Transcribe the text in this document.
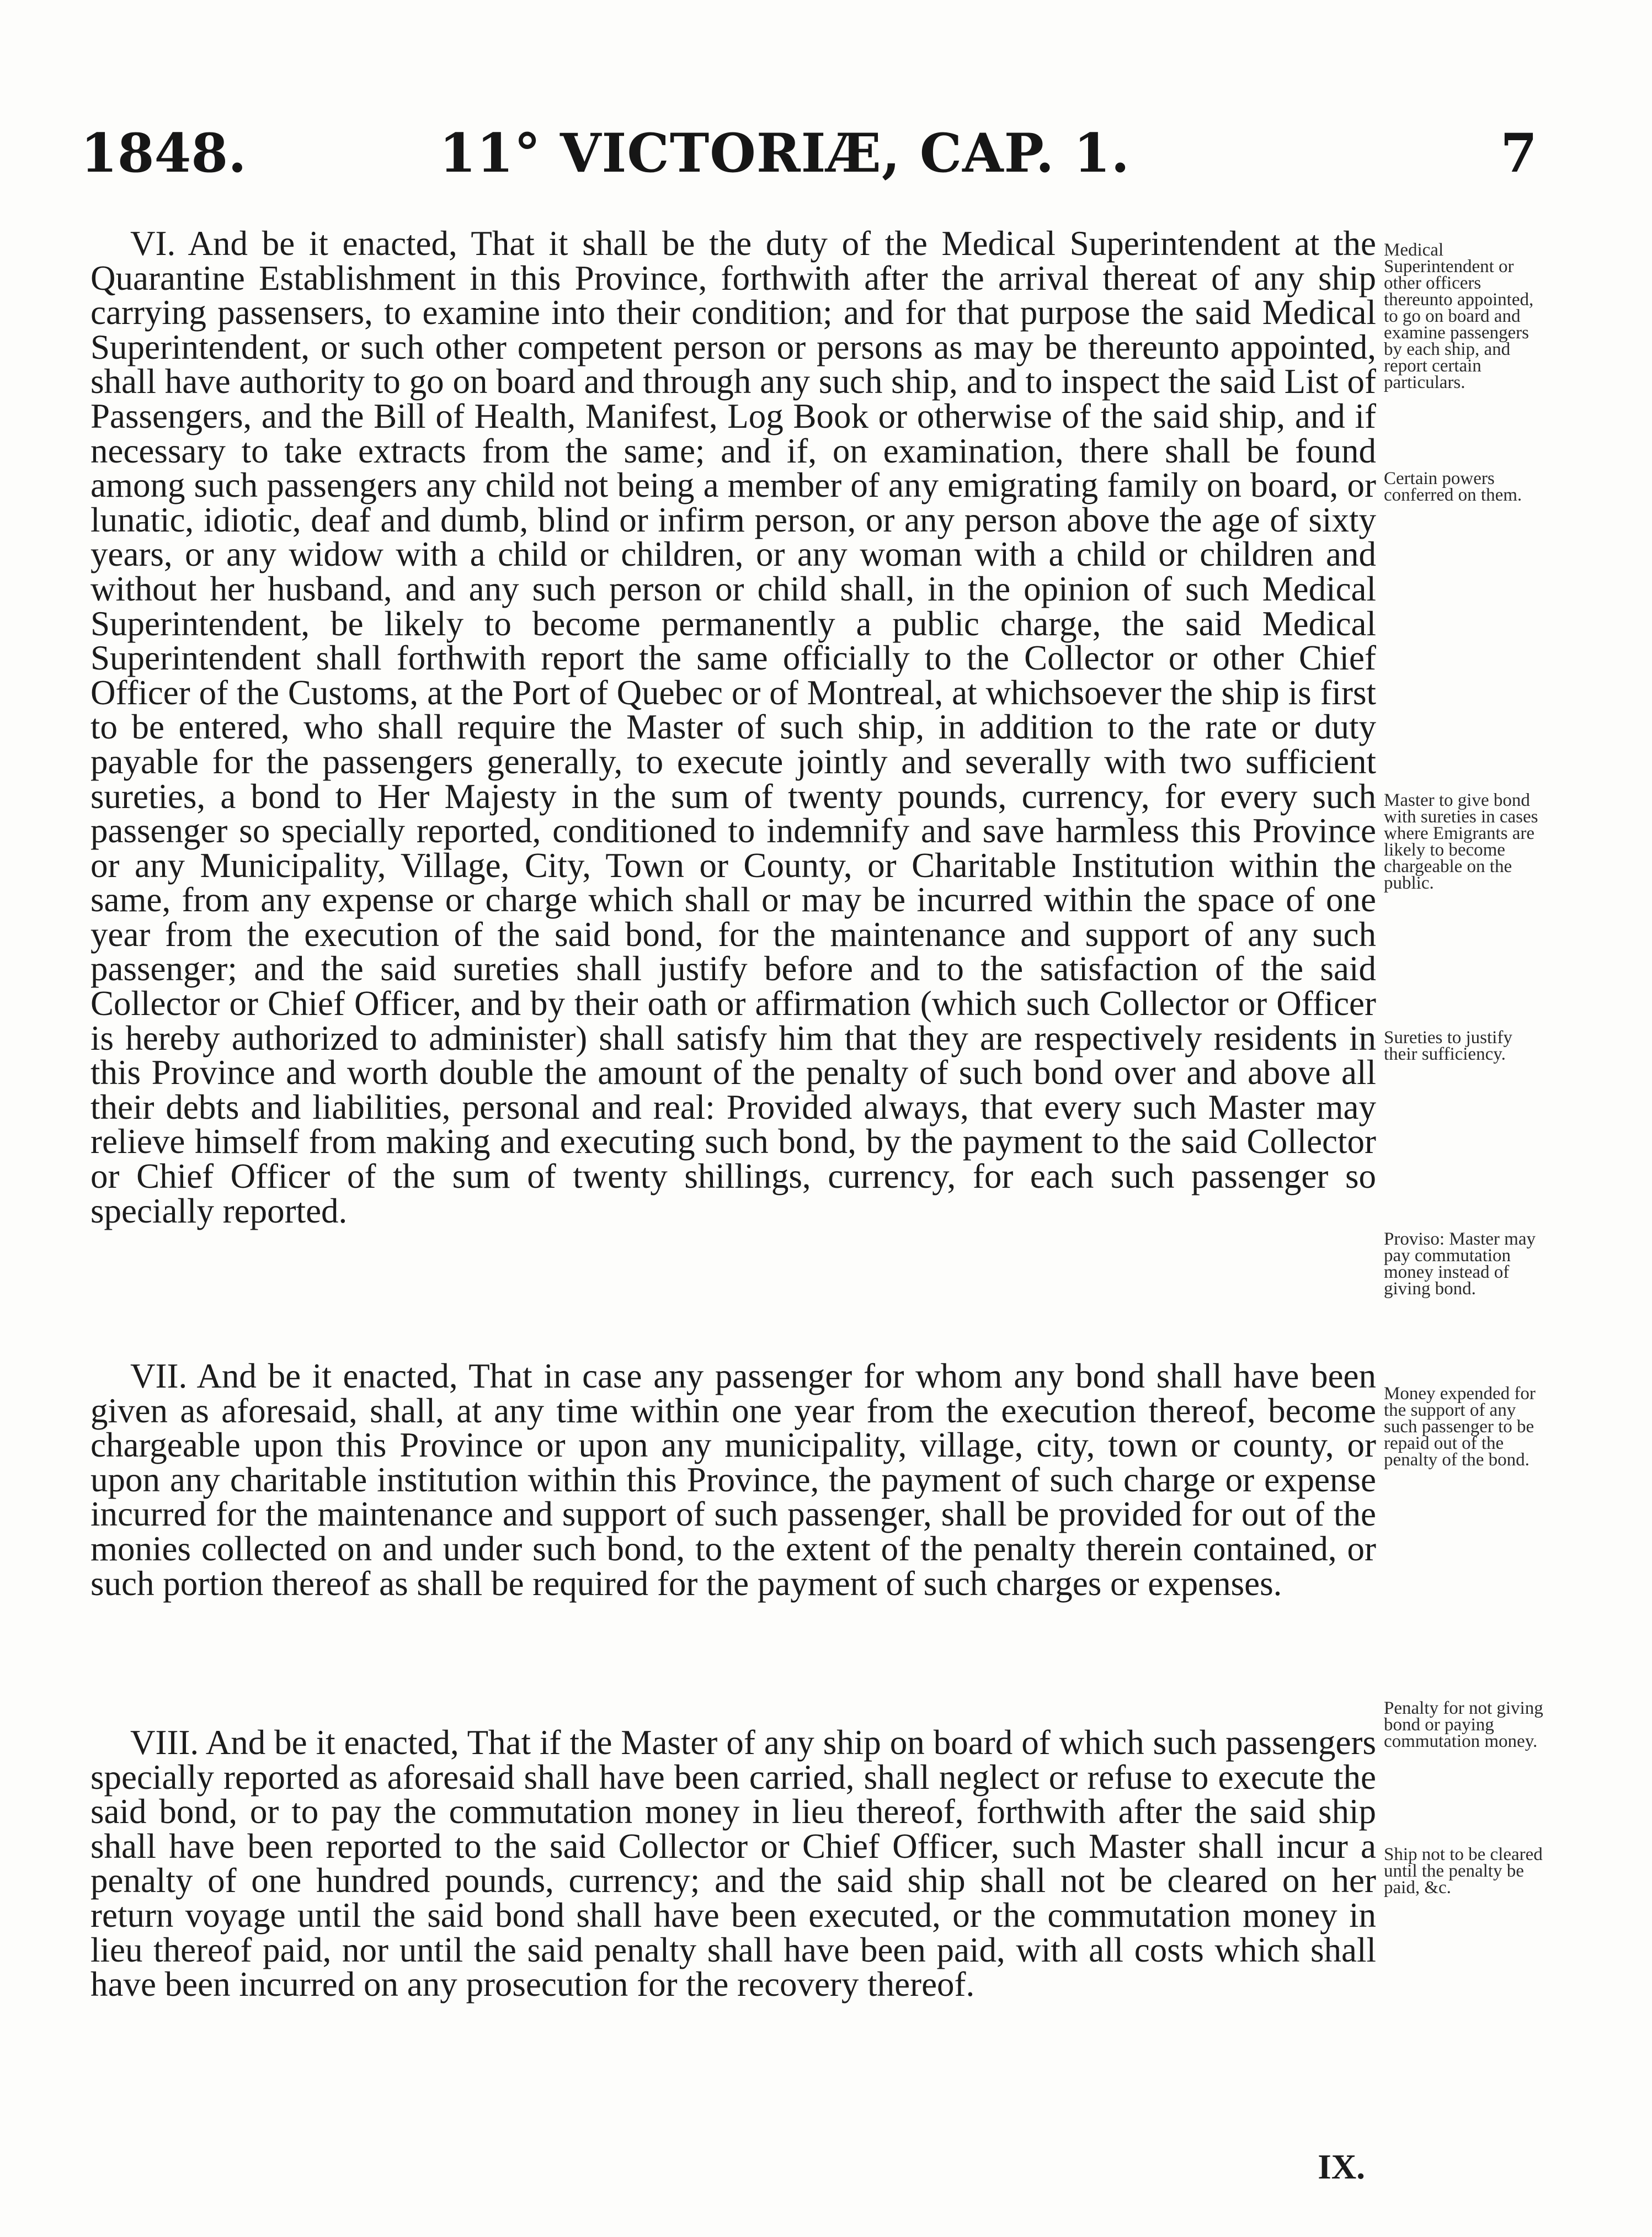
1848.	11° VICTORIÆ, CAP. 1.	7

VI. And be it enacted, That it shall be the duty of the Medical Superintendent at the Quarantine Establishment in this Province, forthwith after the arrival thereat of any ship carrying passensers, to examine into their condition; and for that purpose the said Medical Superintendent, or such other competent person or persons as may be thereunto appointed, shall have authority to go on board and through any such ship, and to inspect the said List of Passengers, and the Bill of Health, Manifest, Log Book or otherwise of the said ship, and if necessary to take extracts from the same; and if, on examination, there shall be found among such passengers any child not being a member of any emigrating family on board, or lunatic, idiotic, deaf and dumb, blind or infirm person, or any person above the age of sixty years, or any widow with a child or children, or any woman with a child or children and without her husband, and any such person or child shall, in the opinion of such Medical Superintendent, be likely to become permanently a public charge, the said Medical Superintendent shall forthwith report the same officially to the Collector or other Chief Officer of the Customs, at the Port of Quebec or of Montreal, at whichsoever the ship is first to be entered, who shall require the Master of such ship, in addition to the rate or duty payable for the passengers generally, to execute jointly and severally with two sufficient sureties, a bond to Her Majesty in the sum of twenty pounds, currency, for every such passenger so specially reported, conditioned to indemnify and save harmless this Province or any Municipality, Village, City, Town or County, or Charitable Institution within the same, from any expense or charge which shall or may be incurred within the space of one year from the execution of the said bond, for the maintenance and support of any such passenger; and the said sureties shall justify before and to the satisfaction of the said Collector or Chief Officer, and by their oath or affirmation (which such Collector or Officer is hereby authorized to administer) shall satisfy him that they are respectively residents in this Province and worth double the amount of the penalty of such bond over and above all their debts and liabilities, personal and real: Provided always, that every such Master may relieve himself from making and executing such bond, by the payment to the said Collector or Chief Officer of the sum of twenty shillings, currency, for each such passenger so specially reported.

VII. And be it enacted, That in case any passenger for whom any bond shall have been given as aforesaid, shall, at any time within one year from the execution thereof, become chargeable upon this Province or upon any municipality, village, city, town or county, or upon any charitable institution within this Province, the payment of such charge or expense incurred for the maintenance and support of such passenger, shall be provided for out of the monies collected on and under such bond, to the extent of the penalty therein contained, or such portion thereof as shall be required for the payment of such charges or expenses.

VIII. And be it enacted, That if the Master of any ship on board of which such passengers specially reported as aforesaid shall have been carried, shall neglect or refuse to execute the said bond, or to pay the commutation money in lieu thereof, forthwith after the said ship shall have been reported to the said Collector or Chief Officer, such Master shall incur a penalty of one hundred pounds, currency; and the said ship shall not be cleared on her return voyage until the said bond shall have been executed, or the commutation money in lieu thereof paid, nor until the said penalty shall have been paid, with all costs which shall have been incurred on any prosecution for the recovery thereof.

Medical Superintendent or other officers thereunto appointed, to go on board and examine passengers by each ship, and report certain particulars.
Certain powers conferred on them.
Master to give bond with sureties in cases where Emigrants are likely to become chargeable on the public.
Sureties to justify their sufficiency.
Proviso: Master may pay commutation money instead of giving bond.
Money expended for the support of any such passenger to be repaid out of the penalty of the bond.
Penalty for not giving bond or paying commutation money.
Ship not to be cleared until the penalty be paid, &c.
IX.
